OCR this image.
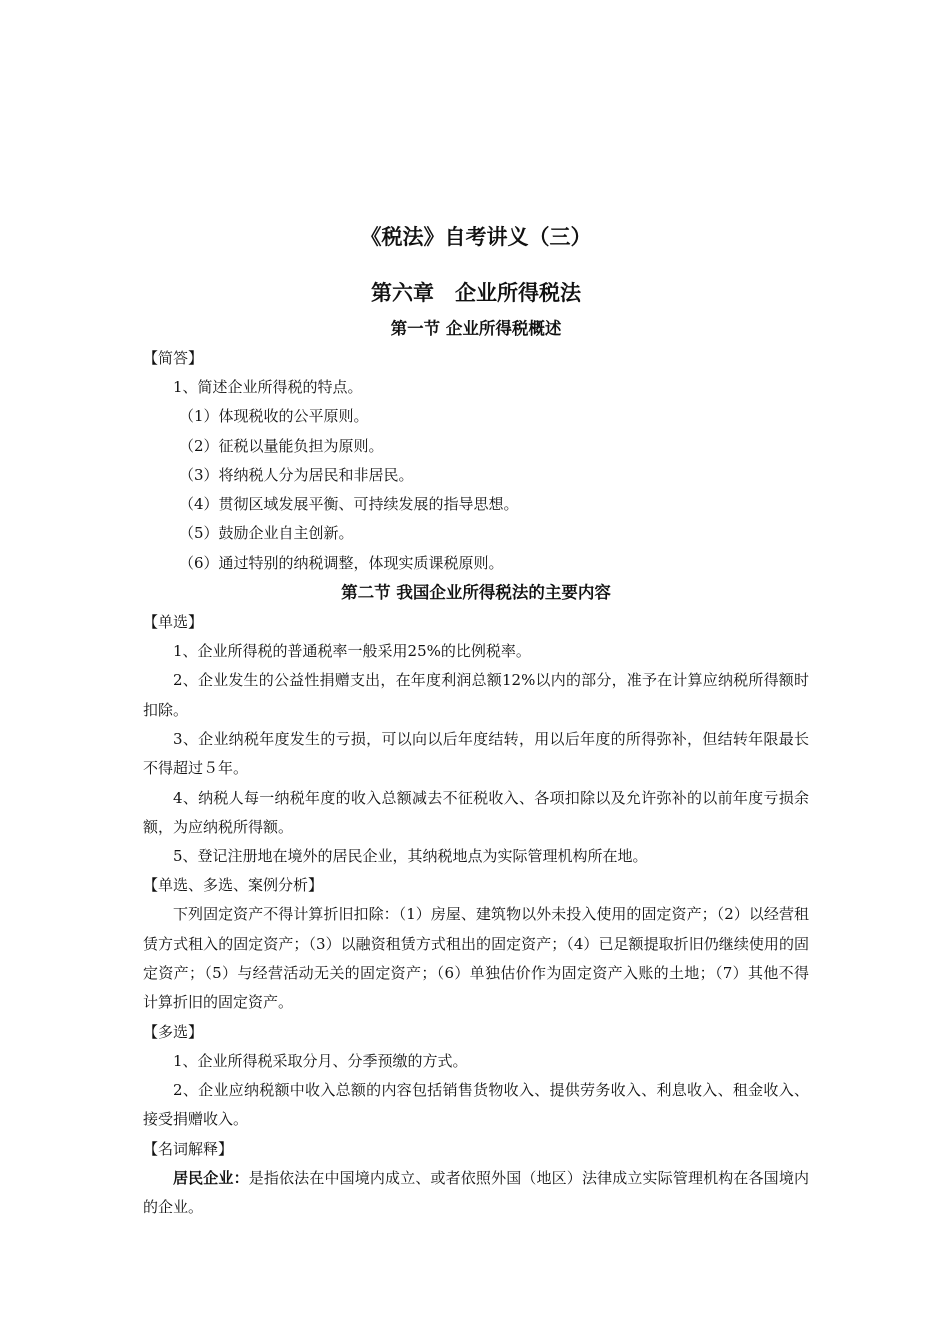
《税法》自考讲义（三）
第六章　企业所得税法
第一节 企业所得税概述

【简答】

1、简述企业所得税的特点。

（1）体现税收的公平原则。

（2）征税以量能负担为原则。

（3）将纳税人分为居民和非居民。

（4）贯彻区域发展平衡、可持续发展的指导思想。

（5）鼓励企业自主创新。

（6）通过特别的纳税调整，体现实质课税原则。

第二节 我国企业所得税法的主要内容

【单选】

1、企业所得税的普通税率一般采用25%的比例税率。

2、企业发生的公益性捐赠支出，在年度利润总额12%以内的部分，准予在计算应纳税所得额时扣除。

3、企业纳税年度发生的亏损，可以向以后年度结转，用以后年度的所得弥补，但结转年限最长不得超过５年。

4、纳税人每一纳税年度的收入总额减去不征税收入、各项扣除以及允许弥补的以前年度亏损余额，为应纳税所得额。

5、登记注册地在境外的居民企业，其纳税地点为实际管理机构所在地。

【单选、多选、案例分析】

下列固定资产不得计算折旧扣除：（1）房屋、建筑物以外未投入使用的固定资产；（2）以经营租赁方式租入的固定资产；（3）以融资租赁方式租出的固定资产；（4）已足额提取折旧仍继续使用的固定资产；（5）与经营活动无关的固定资产；（6）单独估价作为固定资产入账的土地；（7）其他不得计算折旧的固定资产。

【多选】

1、企业所得税采取分月、分季预缴的方式。

2、企业应纳税额中收入总额的内容包括销售货物收入、提供劳务收入、利息收入、租金收入、接受捐赠收入。

【名词解释】

居民企业：是指依法在中国境内成立、或者依照外国（地区）法律成立实际管理机构在各国境内的企业。
